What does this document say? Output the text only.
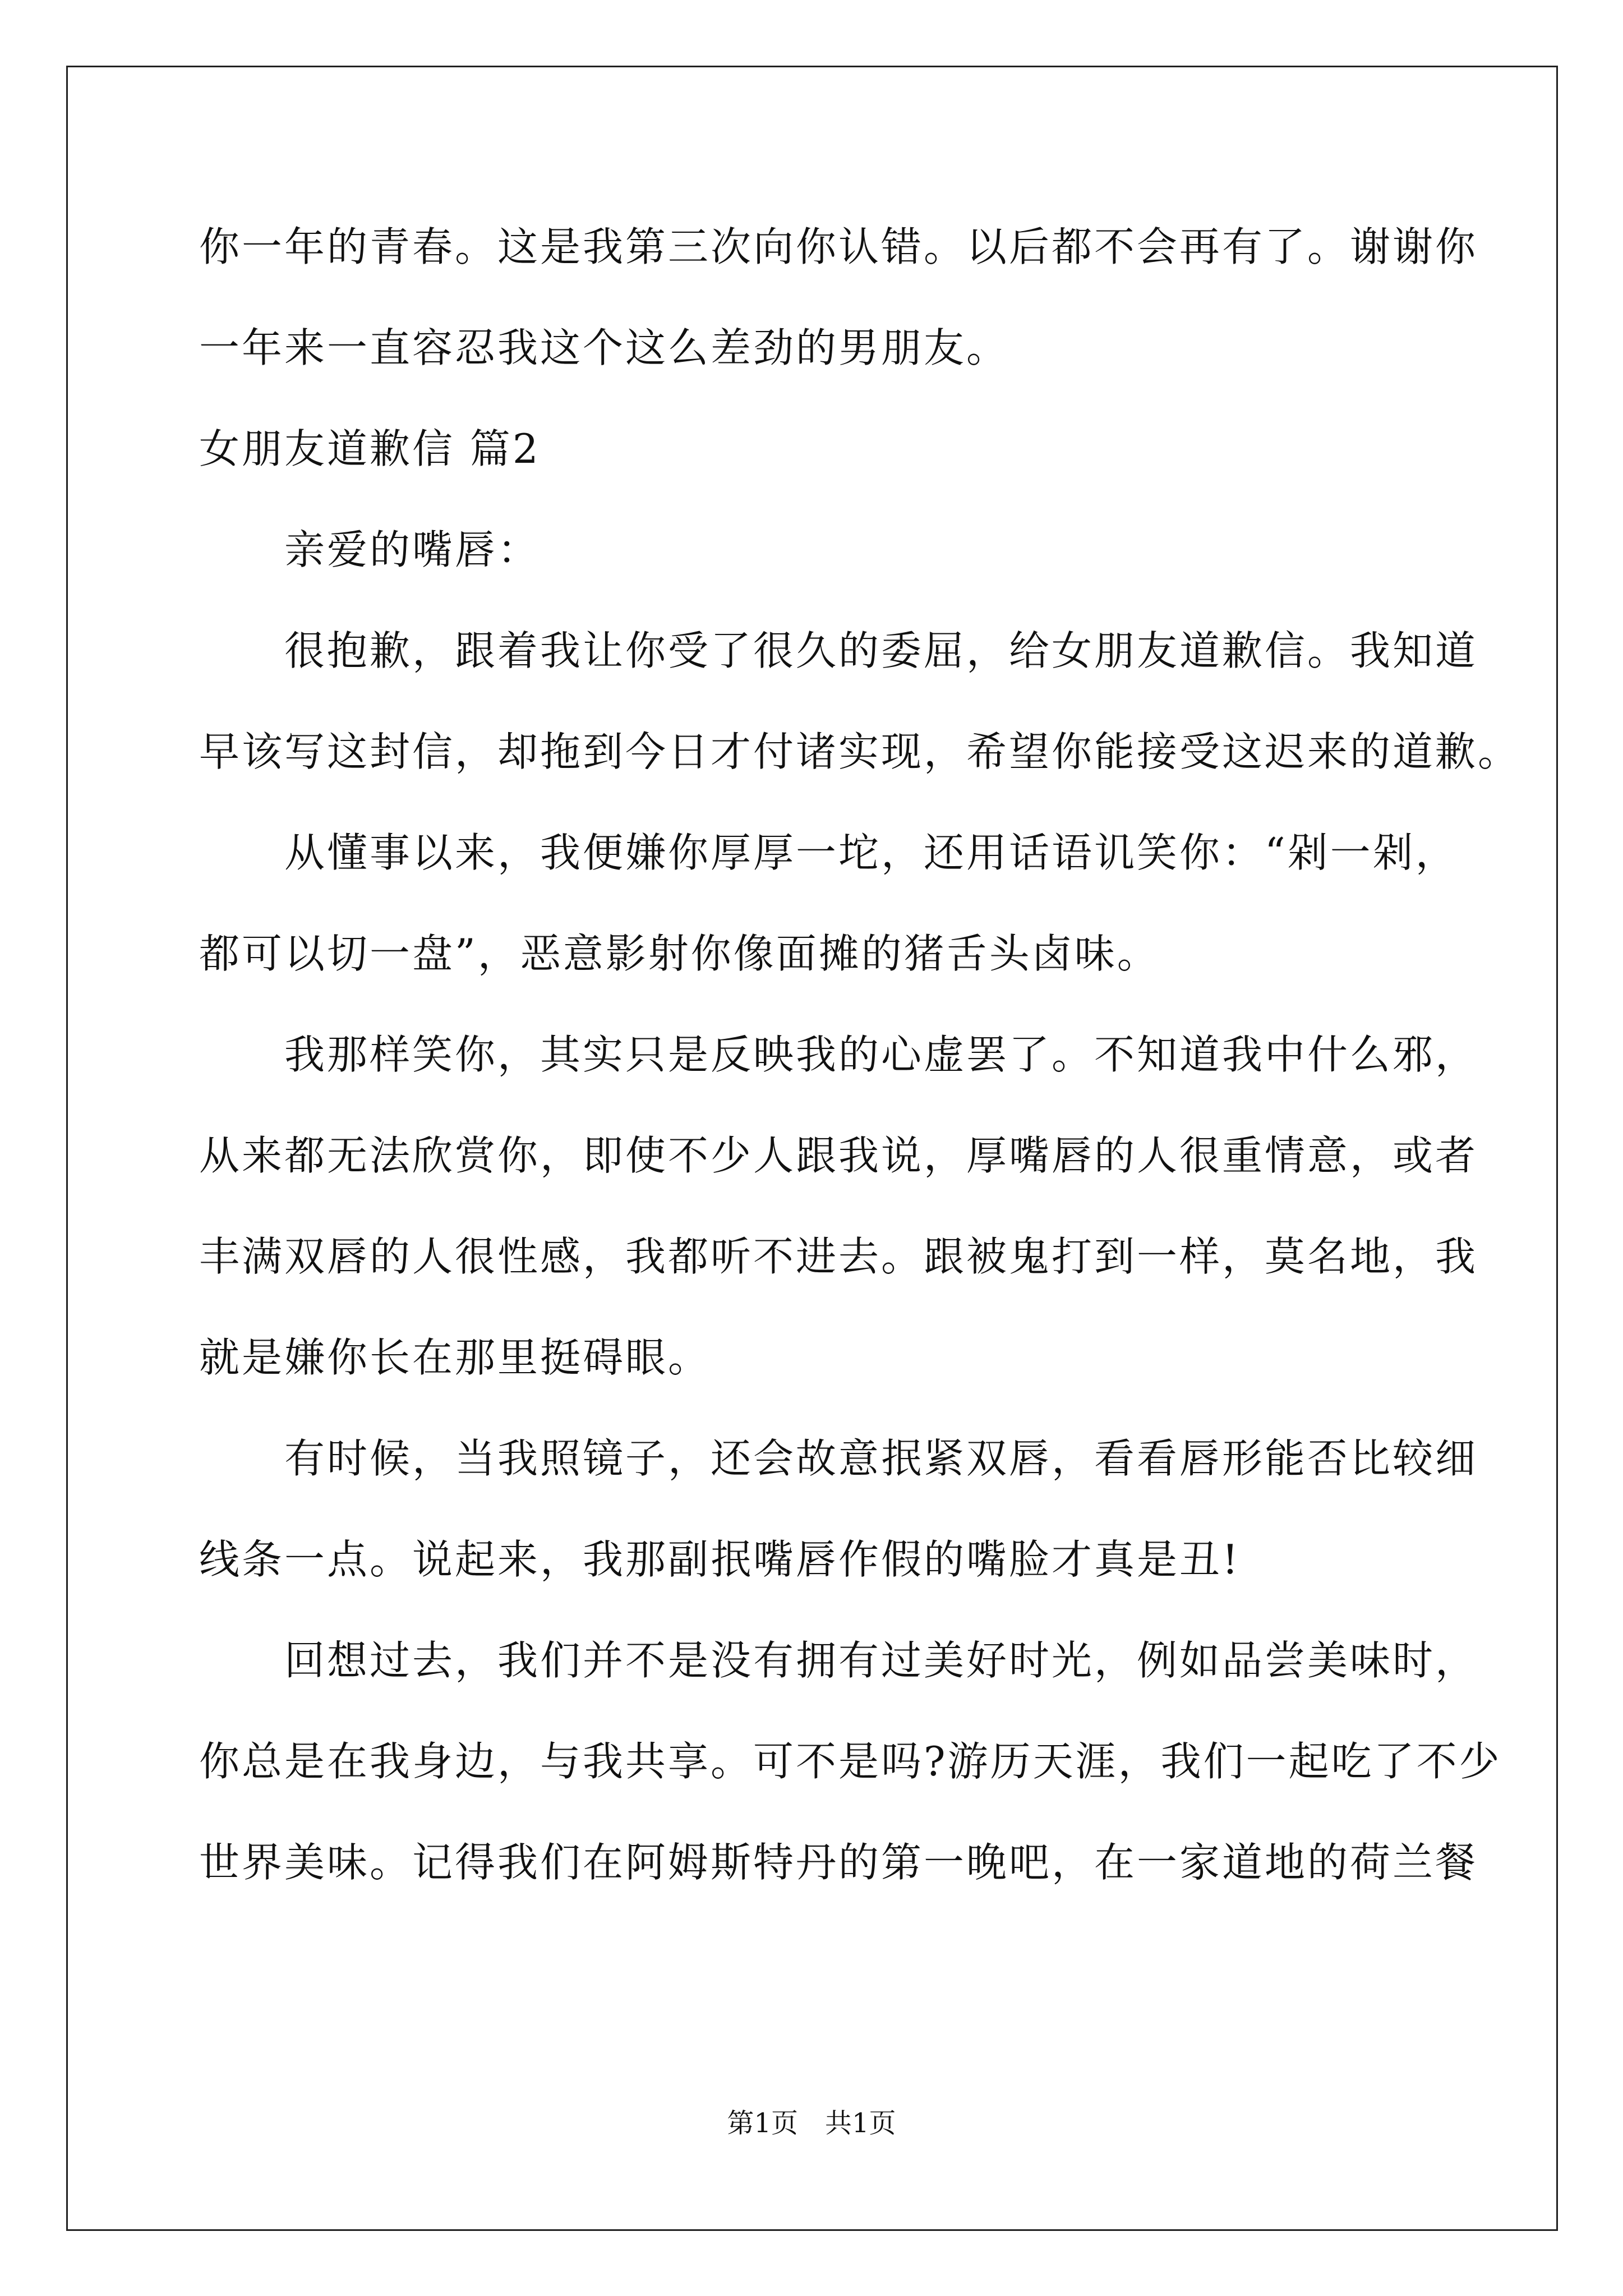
你一年的青春。这是我第三次向你认错。以后都不会再有了。谢谢你
一年来一直容忍我这个这么差劲的男朋友。
女朋友道歉信 篇2
亲爱的嘴唇：
很抱歉，跟着我让你受了很久的委屈，给女朋友道歉信。我知道
早该写这封信，却拖到今日才付诸实现，希望你能接受这迟来的道歉。
从懂事以来，我便嫌你厚厚一坨，还用话语讥笑你：“剁一剁，
都可以切一盘”，恶意影射你像面摊的猪舌头卤味。
我那样笑你，其实只是反映我的心虚罢了。不知道我中什么邪，
从来都无法欣赏你，即使不少人跟我说，厚嘴唇的人很重情意，或者
丰满双唇的人很性感，我都听不进去。跟被鬼打到一样，莫名地，我
就是嫌你长在那里挺碍眼。
有时候，当我照镜子，还会故意抿紧双唇，看看唇形能否比较细
线条一点。说起来，我那副抿嘴唇作假的嘴脸才真是丑!
回想过去，我们并不是没有拥有过美好时光，例如品尝美味时，
你总是在我身边，与我共享。可不是吗?游历天涯，我们一起吃了不少
世界美味。记得我们在阿姆斯特丹的第一晚吧，在一家道地的荷兰餐
第1页 共1页
